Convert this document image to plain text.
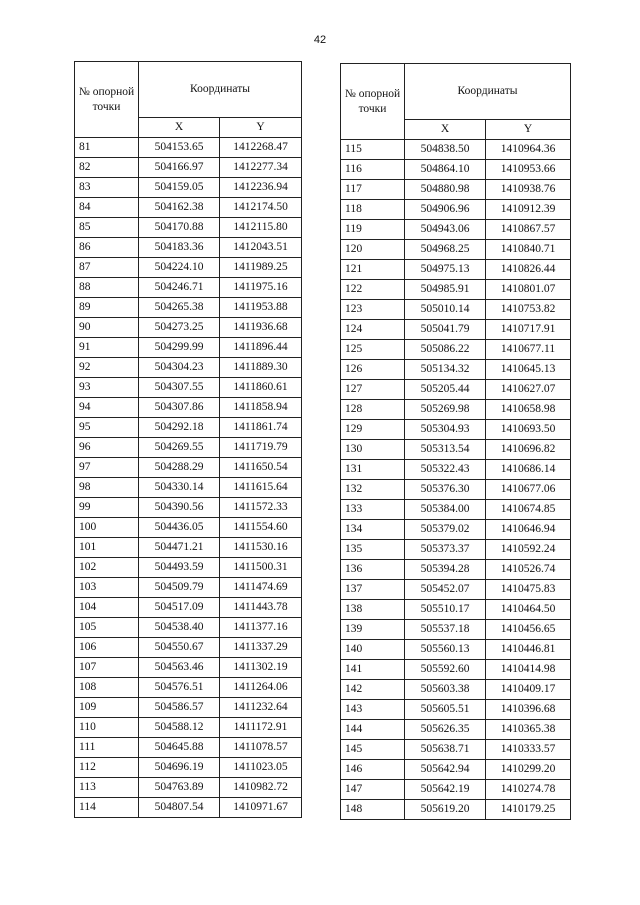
42
№ опорной точки	Координаты	
	X	Y
81	504153.65	1412268.47
82	504166.97	1412277.34
83	504159.05	1412236.94
84	504162.38	1412174.50
85	504170.88	1412115.80
86	504183.36	1412043.51
87	504224.10	1411989.25
88	504246.71	1411975.16
89	504265.38	1411953.88
90	504273.25	1411936.68
91	504299.99	1411896.44
92	504304.23	1411889.30
93	504307.55	1411860.61
94	504307.86	1411858.94
95	504292.18	1411861.74
96	504269.55	1411719.79
97	504288.29	1411650.54
98	504330.14	1411615.64
99	504390.56	1411572.33
100	504436.05	1411554.60
101	504471.21	1411530.16
102	504493.59	1411500.31
103	504509.79	1411474.69
104	504517.09	1411443.78
105	504538.40	1411377.16
106	504550.67	1411337.29
107	504563.46	1411302.19
108	504576.51	1411264.06
109	504586.57	1411232.64
110	504588.12	1411172.91
111	504645.88	1411078.57
112	504696.19	1411023.05
113	504763.89	1410982.72
114	504807.54	1410971.67
№ опорной точки	Координаты	
	X	Y
115	504838.50	1410964.36
116	504864.10	1410953.66
117	504880.98	1410938.76
118	504906.96	1410912.39
119	504943.06	1410867.57
120	504968.25	1410840.71
121	504975.13	1410826.44
122	504985.91	1410801.07
123	505010.14	1410753.82
124	505041.79	1410717.91
125	505086.22	1410677.11
126	505134.32	1410645.13
127	505205.44	1410627.07
128	505269.98	1410658.98
129	505304.93	1410693.50
130	505313.54	1410696.82
131	505322.43	1410686.14
132	505376.30	1410677.06
133	505384.00	1410674.85
134	505379.02	1410646.94
135	505373.37	1410592.24
136	505394.28	1410526.74
137	505452.07	1410475.83
138	505510.17	1410464.50
139	505537.18	1410456.65
140	505560.13	1410446.81
141	505592.60	1410414.98
142	505603.38	1410409.17
143	505605.51	1410396.68
144	505626.35	1410365.38
145	505638.71	1410333.57
146	505642.94	1410299.20
147	505642.19	1410274.78
148	505619.20	1410179.25
